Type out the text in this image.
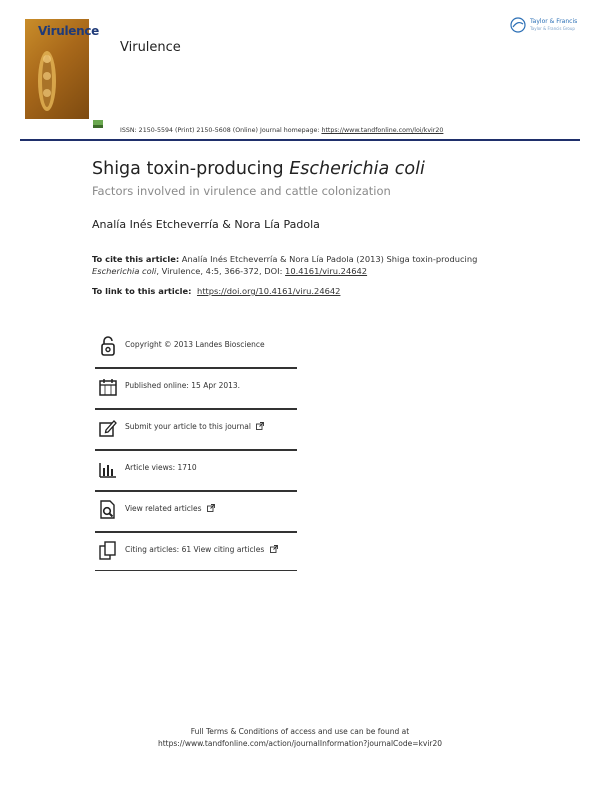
Virulence
Virulence
Taylor & Francis
Taylor & Francis Group
ISSN: 2150-5594 (Print) 2150-5608 (Online) Journal homepage: https://www.tandfonline.com/loi/kvir20
Shiga toxin-producing Escherichia coli
Factors involved in virulence and cattle colonization
Analía Inés Etcheverría & Nora Lía Padola
To cite this article: Analía Inés Etcheverría & Nora Lía Padola (2013) Shiga toxin-producing Escherichia coli, Virulence, 4:5, 366-372, DOI: 10.4161/viru.24642
To link to this article:  https://doi.org/10.4161/viru.24642
Copyright © 2013 Landes Bioscience
Published online: 15 Apr 2013.
Submit your article to this journal
Article views: 1710
View related articles
Citing articles: 61 View citing articles
Full Terms & Conditions of access and use can be found at
https://www.tandfonline.com/action/journalInformation?journalCode=kvir20
